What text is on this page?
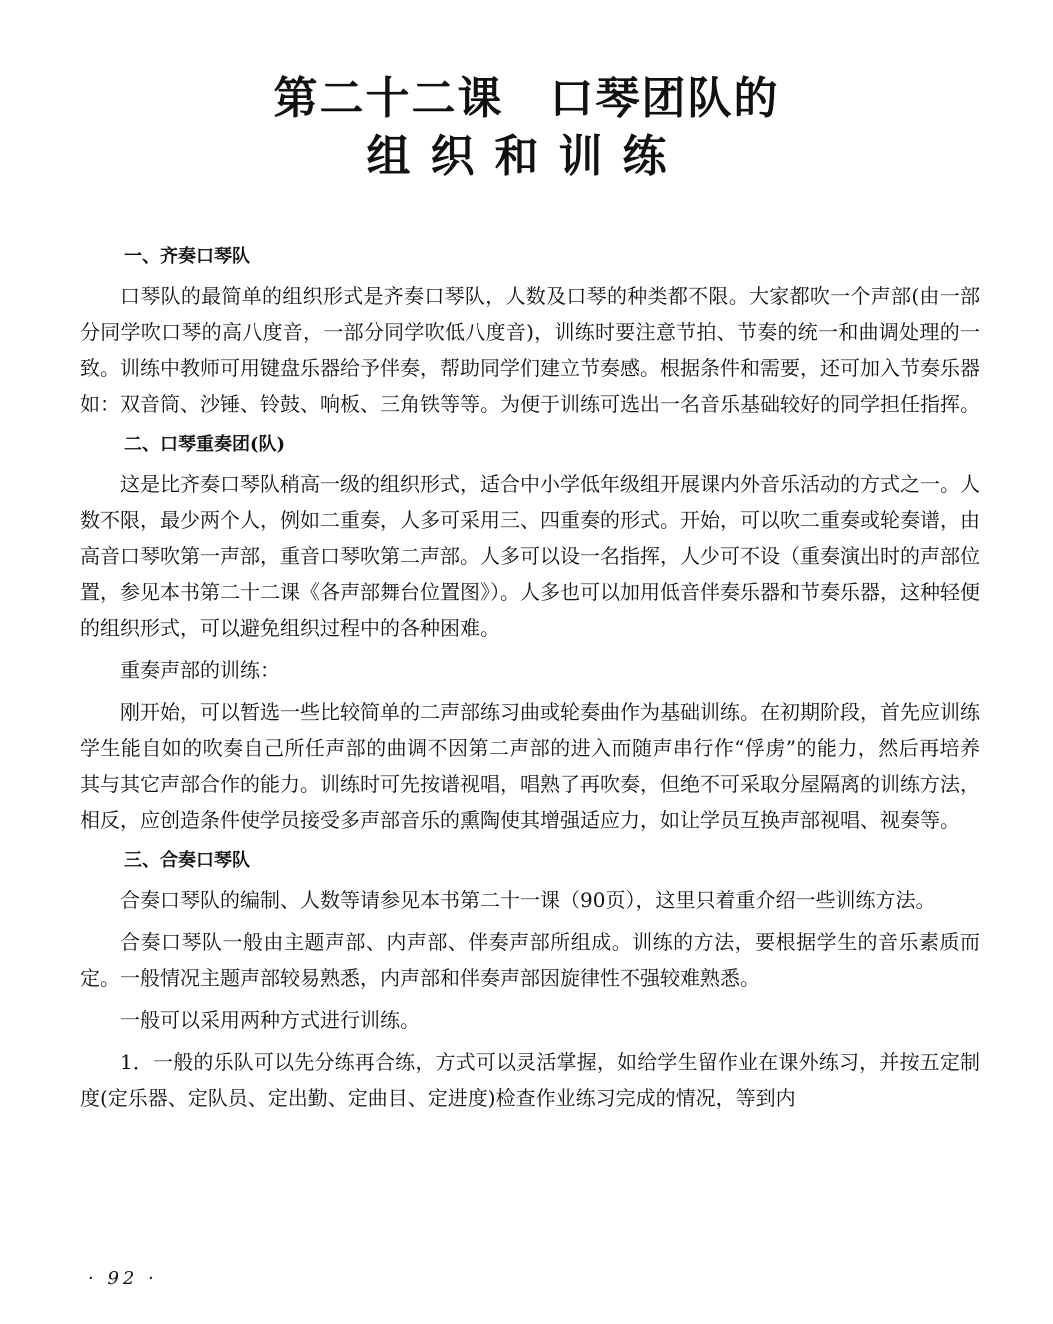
第二十二课　口琴团队的
组织和训练

一、齐奏口琴队

口琴队的最简单的组织形式是齐奏口琴队，人数及口琴的种类都不限。大家都吹一个声部(由一部分同学吹口琴的高八度音，一部分同学吹低八度音)，训练时要注意节拍、节奏的统一和曲调处理的一致。训练中教师可用键盘乐器给予伴奏，帮助同学们建立节奏感。根据条件和需要，还可加入节奏乐器如：双音筒、沙锤、铃鼓、响板、三角铁等等。为便于训练可选出一名音乐基础较好的同学担任指挥。

二、口琴重奏团(队)

这是比齐奏口琴队稍高一级的组织形式，适合中小学低年级组开展课内外音乐活动的方式之一。人数不限，最少两个人，例如二重奏，人多可采用三、四重奏的形式。开始，可以吹二重奏或轮奏谱，由高音口琴吹第一声部，重音口琴吹第二声部。人多可以设一名指挥，人少可不设（重奏演出时的声部位置，参见本书第二十二课《各声部舞台位置图》）。人多也可以加用低音伴奏乐器和节奏乐器，这种轻便的组织形式，可以避免组织过程中的各种困难。

重奏声部的训练：

刚开始，可以暂选一些比较简单的二声部练习曲或轮奏曲作为基础训练。在初期阶段，首先应训练学生能自如的吹奏自己所任声部的曲调不因第二声部的进入而随声串行作“俘虏”的能力，然后再培养其与其它声部合作的能力。训练时可先按谱视唱，唱熟了再吹奏，但绝不可采取分屋隔离的训练方法，相反，应创造条件使学员接受多声部音乐的熏陶使其增强适应力，如让学员互换声部视唱、视奏等。

三、合奏口琴队

合奏口琴队的编制、人数等请参见本书第二十一课（90页），这里只着重介绍一些训练方法。

合奏口琴队一般由主题声部、内声部、伴奏声部所组成。训练的方法，要根据学生的音乐素质而定。一般情况主题声部较易熟悉，内声部和伴奏声部因旋律性不强较难熟悉。

一般可以采用两种方式进行训练。

1．一般的乐队可以先分练再合练，方式可以灵活掌握，如给学生留作业在课外练习，并按五定制度(定乐器、定队员、定出勤、定曲目、定进度)检查作业练习完成的情况，等到内

· 92 ·
